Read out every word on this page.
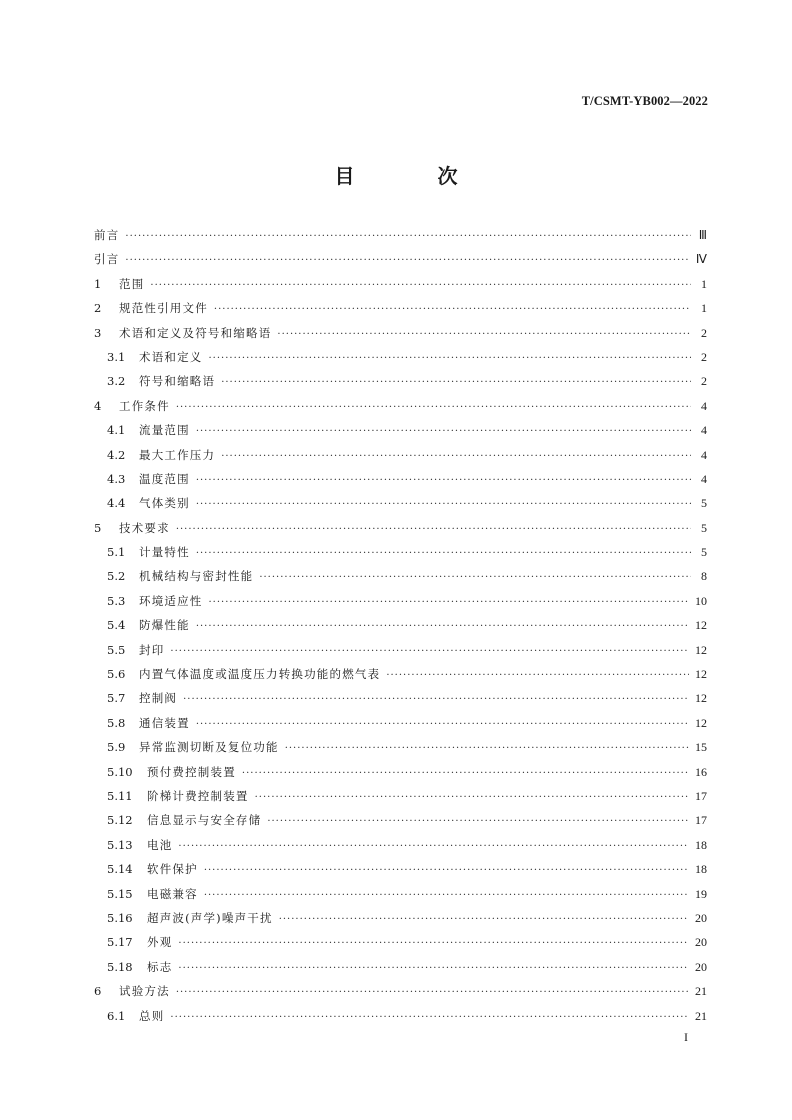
T/CSMT-YB002—2022
目 次
前言 ·····	Ⅲ
引言 ·····	Ⅳ
1	范围 ·····	1
2	规范性引用文件 ·····	1
3	术语和定义及符号和缩略语 ·····	2
3.1	术语和定义 ·····	2
3.2	符号和缩略语 ·····	2
4	工作条件 ·····	4
4.1	流量范围 ·····	4
4.2	最大工作压力 ·····	4
4.3	温度范围 ·····	4
4.4	气体类别 ·····	5
5	技术要求 ·····	5
5.1	计量特性 ·····	5
5.2	机械结构与密封性能 ·····	8
5.3	环境适应性 ·····	10
5.4	防爆性能 ·····	12
5.5	封印 ·····	12
5.6	内置气体温度或温度压力转换功能的燃气表 ·····	12
5.7	控制阀 ·····	12
5.8	通信装置 ·····	12
5.9	异常监测切断及复位功能 ·····	15
5.10	预付费控制装置 ·····	16
5.11	阶梯计费控制装置 ·····	17
5.12	信息显示与安全存储 ·····	17
5.13	电池 ·····	18
5.14	软件保护 ·····	18
5.15	电磁兼容 ·····	19
5.16	超声波(声学)噪声干扰 ·····	20
5.17	外观 ·····	20
5.18	标志 ·····	20
6	试验方法 ·····	21
6.1	总则 ·····	21
I
